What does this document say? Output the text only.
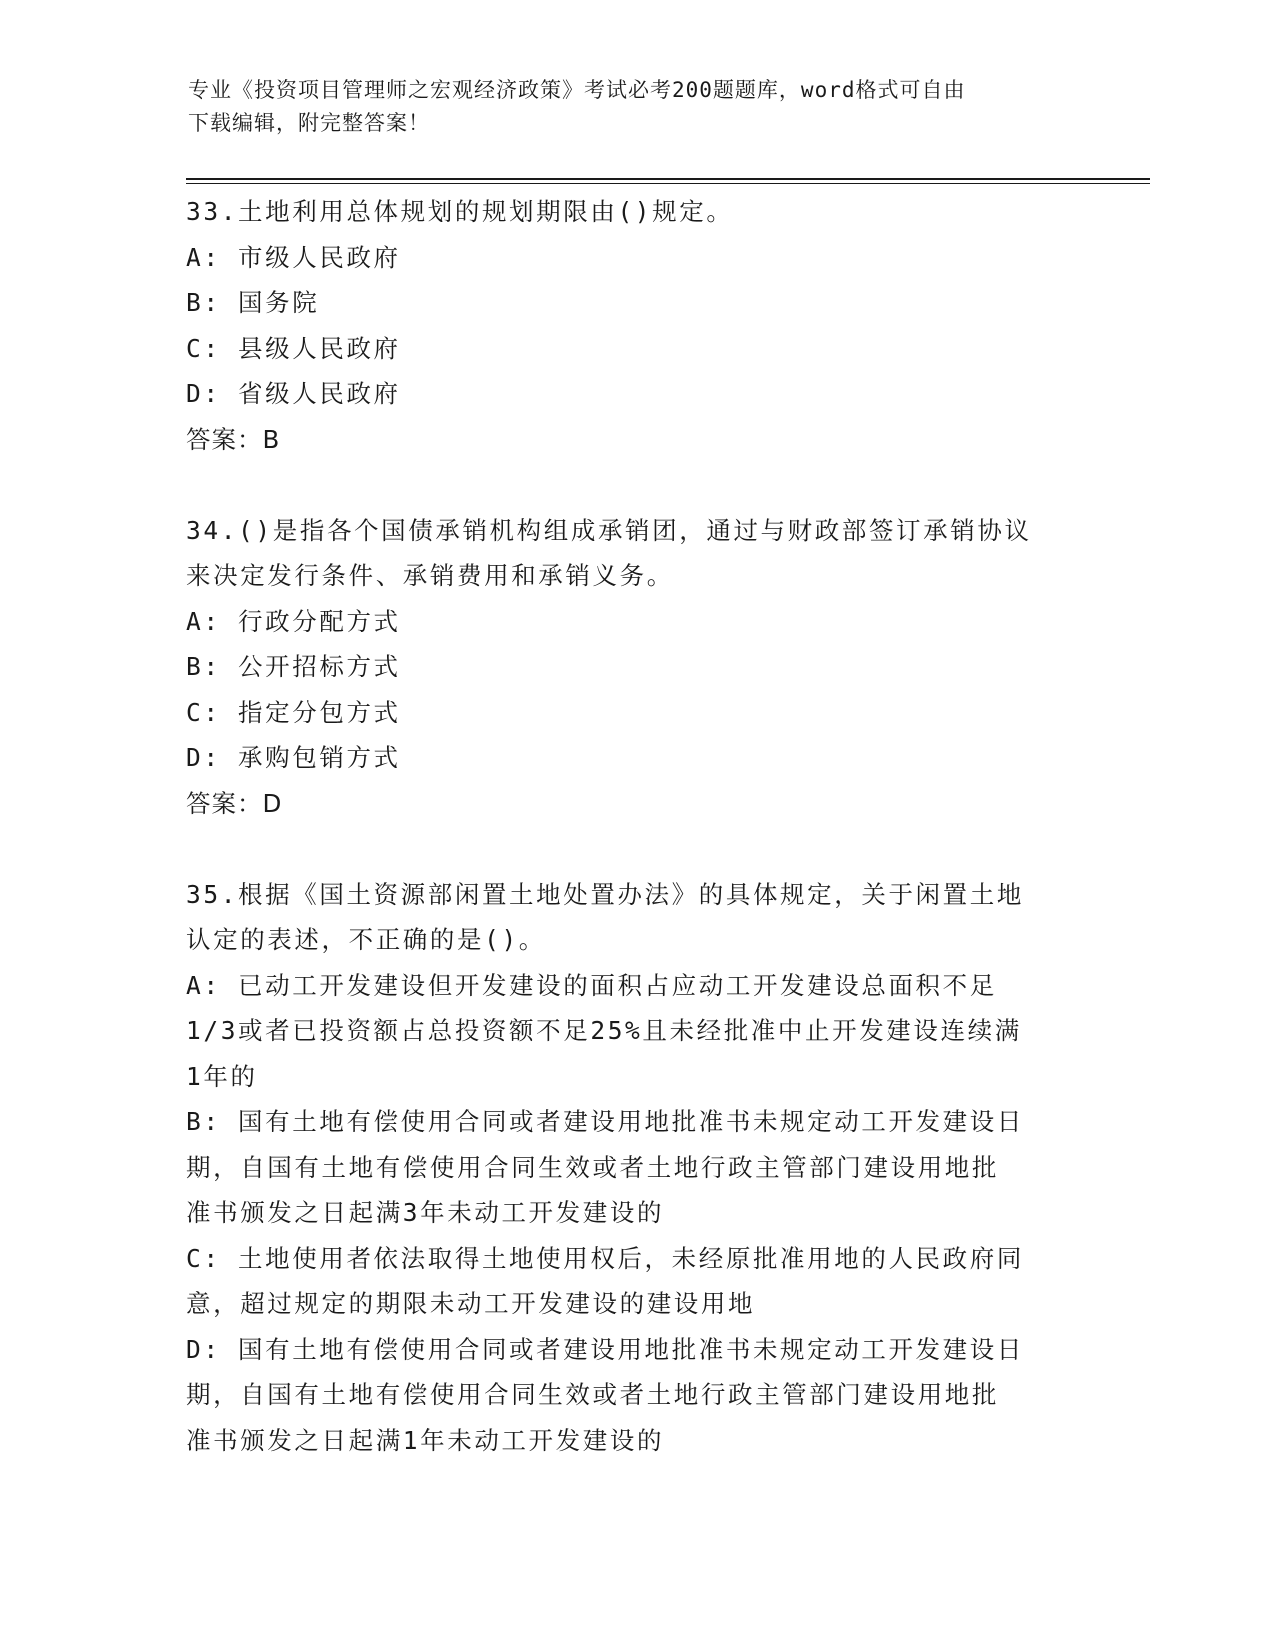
专业《投资项目管理师之宏观经济政策》考试必考200题题库，word格式可自由
下载编辑，附完整答案！
33.土地利用总体规划的规划期限由()规定。
A: 市级人民政府
B: 国务院
C: 县级人民政府
D: 省级人民政府
答案：B
34.()是指各个国债承销机构组成承销团，通过与财政部签订承销协议
来决定发行条件、承销费用和承销义务。
A: 行政分配方式
B: 公开招标方式
C: 指定分包方式
D: 承购包销方式
答案：D
35.根据《国土资源部闲置土地处置办法》的具体规定，关于闲置土地
认定的表述，不正确的是()。
A: 已动工开发建设但开发建设的面积占应动工开发建设总面积不足
1/3或者已投资额占总投资额不足25%且未经批准中止开发建设连续满
1年的
B: 国有土地有偿使用合同或者建设用地批准书未规定动工开发建设日
期，自国有土地有偿使用合同生效或者土地行政主管部门建设用地批
准书颁发之日起满3年未动工开发建设的
C: 土地使用者依法取得土地使用权后，未经原批准用地的人民政府同
意，超过规定的期限未动工开发建设的建设用地
D: 国有土地有偿使用合同或者建设用地批准书未规定动工开发建设日
期，自国有土地有偿使用合同生效或者土地行政主管部门建设用地批
准书颁发之日起满1年未动工开发建设的
